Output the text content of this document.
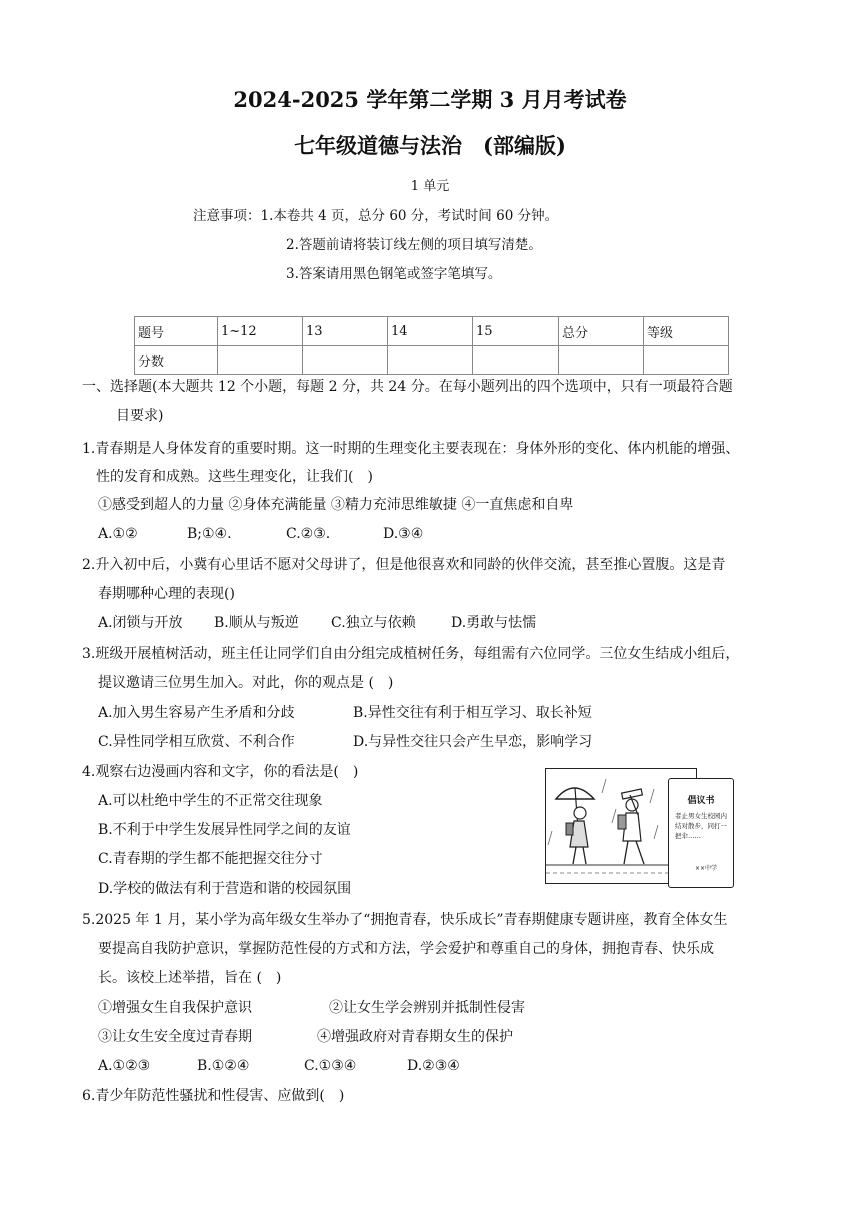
2024-2025 学年第二学期 3 月月考试卷
七年级道德与法治　(部编版)
1 单元
注意事项：1.本卷共 4 页，总分 60 分，考试时间 60 分钟。
2.答题前请将装订线左侧的项目填写清楚。
3.答案请用黑色钢笔或签字笔填写。
题号	1~12	13	14	15	总分	等级
分数						
一、选择题(本大题共 12 个小题，每题 2 分，共 24 分。在每小题列出的四个选项中，只有一项最符合题
目要求)
1.青春期是人身体发育的重要时期。这一时期的生理变化主要表现在：身体外形的变化、体内机能的增强、
性的发育和成熟。这些生理变化，让我们(　)
①感受到超人的力量 ②身体充满能量 ③精力充沛思维敏捷 ④一直焦虑和自卑
A.①②	B;①④.	C.②③.	D.③④
2.升入初中后，小冀有心里话不愿对父母讲了，但是他很喜欢和同龄的伙伴交流，甚至推心置腹。这是青
春期哪种心理的表现()
A.闭锁与开放 B.顺从与叛逆 C.独立与依赖	D.勇敢与怯懦
3.班级开展植树活动，班主任让同学们自由分组完成植树任务，每组需有六位同学。三位女生结成小组后，
提议邀请三位男生加入。对此，你的观点是 (　)
A.加入男生容易产生矛盾和分歧	B.异性交往有利于相互学习、取长补短
C.异性同学相互欣赏、不利合作	D.与异性交往只会产生早恋，影响学习
4.观察右边漫画内容和文字，你的看法是(　)
A.可以杜绝中学生的不正常交往现象
B.不利于中学生发展异性同学之间的友谊
C.青春期的学生都不能把握交往分寸
D.学校的做法有利于营造和谐的校园氛围
倡议书
者止男女生校园内结对散步，同打一把伞……
××中学
5.2025 年 1 月，某小学为高年级女生举办了“拥抱青春，快乐成长”青春期健康专题讲座，教育全体女生
要提高自我防护意识，掌握防范性侵的方式和方法，学会爱护和尊重自己的身体，拥抱青春、快乐成
长。该校上述举措，旨在 (　)
①增强女生自我保护意识	②让女生学会辨别并抵制性侵害
③让女生安全度过青春期	④增强政府对青春期女生的保护
A.①②③	B.①②④	C.①③④	D.②③④
6.青少年防范性骚扰和性侵害、应做到(　)
